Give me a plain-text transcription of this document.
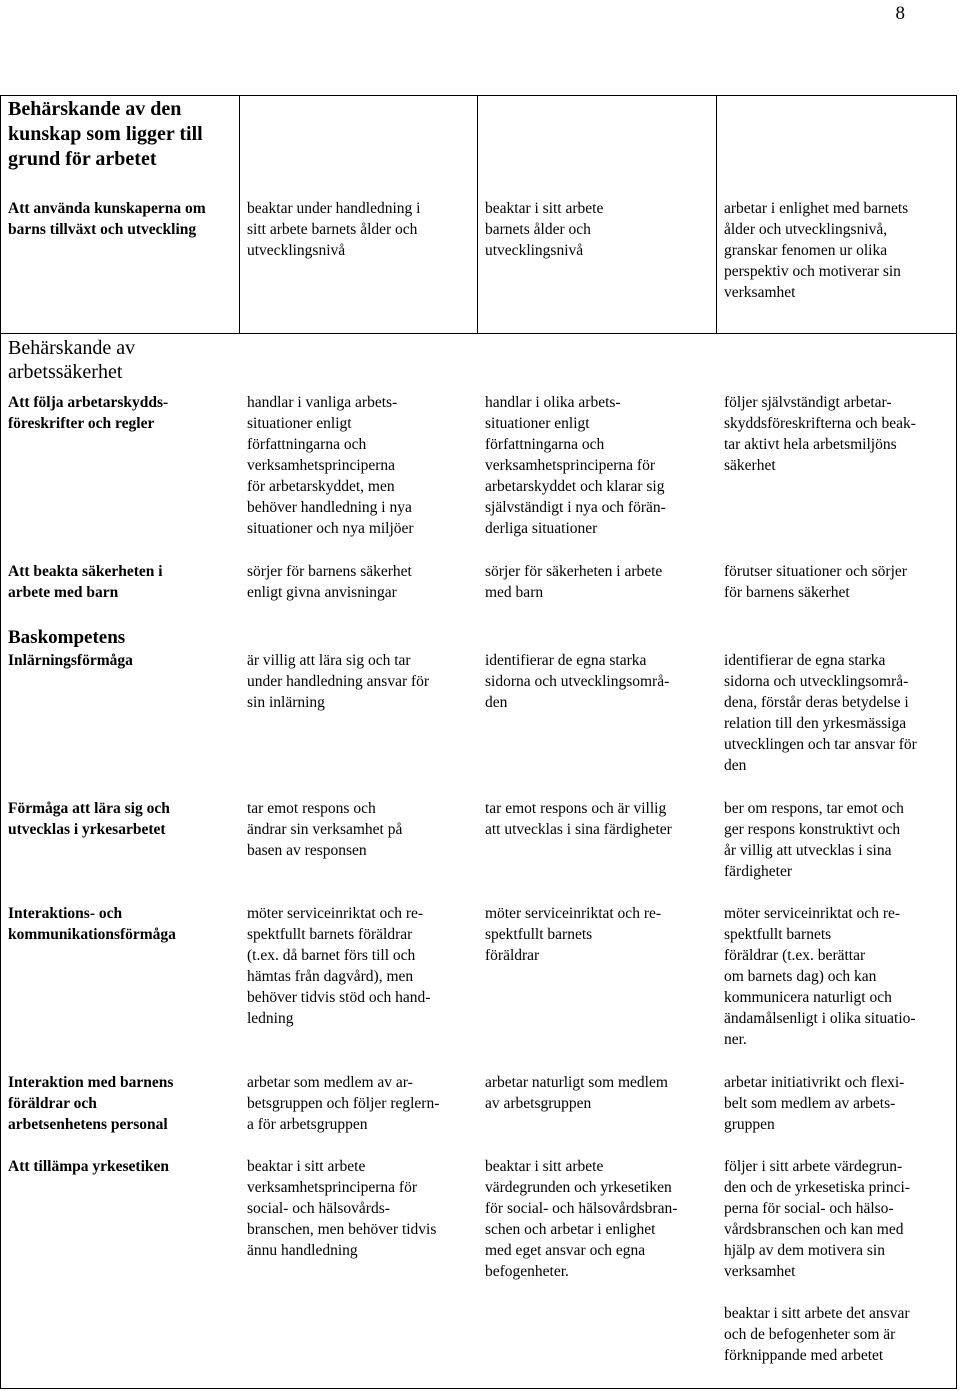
8
Behärskande av den kunskap som ligger till grund för arbetet
Att använda kunskaperna om barns tillväxt och utveckling
beaktar under handledning i
sitt arbete barnets ålder och
utvecklingsnivå
beaktar i sitt arbete
barnets ålder och
utvecklingsnivå
arbetar i enlighet med barnets
ålder och utvecklingsnivå,
granskar fenomen ur olika
perspektiv och motiverar sin
verksamhet
Behärskande av arbetssäkerhet
Att följa arbetarskydds-
föreskrifter och regler
handlar i vanliga arbets-
situationer enligt
författningarna och
verksamhetsprinciperna
för arbetarskyddet, men
behöver handledning i nya
situationer och nya miljöer
handlar i olika arbets-
situationer enligt
författningarna och
verksamhetsprinciperna för
arbetarskyddet och klarar sig
självständigt i nya och förän-
derliga situationer
följer självständigt arbetar-
skyddsföreskrifterna och beak-
tar aktivt hela arbetsmiljöns
säkerhet
Att beakta säkerheten i
arbete med barn
sörjer för barnens säkerhet
enligt givna anvisningar
sörjer för säkerheten i arbete
med barn
förutser situationer och sörjer
för barnens säkerhet
Baskompetens
Inlärningsförmåga	är villig att lära sig och tar
under handledning ansvar för
sin inlärning
identifierar de egna starka
sidorna och utvecklingsområ-
den
identifierar de egna starka
sidorna och utvecklingsområ-
dena, förstår deras betydelse i
relation till den yrkesmässiga
utvecklingen och tar ansvar för
den
Förmåga att lära sig och
utvecklas i yrkesarbetet
tar emot respons och
ändrar sin verksamhet på
basen av responsen
tar emot respons och är villig
att utvecklas i sina färdigheter
ber om respons, tar emot och
ger respons konstruktivt och
år villig att utvecklas i sina
färdigheter
Interaktions- och
kommunikationsförmåga
möter serviceinriktat och re-
spektfullt barnets föräldrar
(t.ex. då barnet förs till och
hämtas från dagvård), men
behöver tidvis stöd och hand-
ledning
möter serviceinriktat och re-
spektfullt barnets
föräldrar
möter serviceinriktat och re-
spektfullt barnets
föräldrar (t.ex. berättar
om barnets dag) och kan
kommunicera naturligt och
ändamålsenligt i olika situatio-
ner.
Interaktion med barnens
föräldrar och
arbetsenhetens personal
arbetar som medlem av ar-
betsgruppen och följer reglern-
a för arbetsgruppen
arbetar naturligt som medlem
av arbetsgruppen
arbetar initiativrikt och flexi-
belt som medlem av arbets-
gruppen
Att tillämpa yrkesetiken	beaktar i sitt arbete
verksamhetsprinciperna för
social- och hälsovårds-
branschen, men behöver tidvis
ännu handledning
beaktar i sitt arbete
värdegrunden och yrkesetiken
för social- och hälsovårdsbran-
schen och arbetar i enlighet
med eget ansvar och egna
befogenheter.
följer i sitt arbete värdegrun-
den och de yrkesetiska princi-
perna för social- och hälso-
vårdsbranschen och kan med
hjälp av dem motivera sin
verksamhet
beaktar i sitt arbete det ansvar
och de befogenheter som är
förknippande med arbetet
